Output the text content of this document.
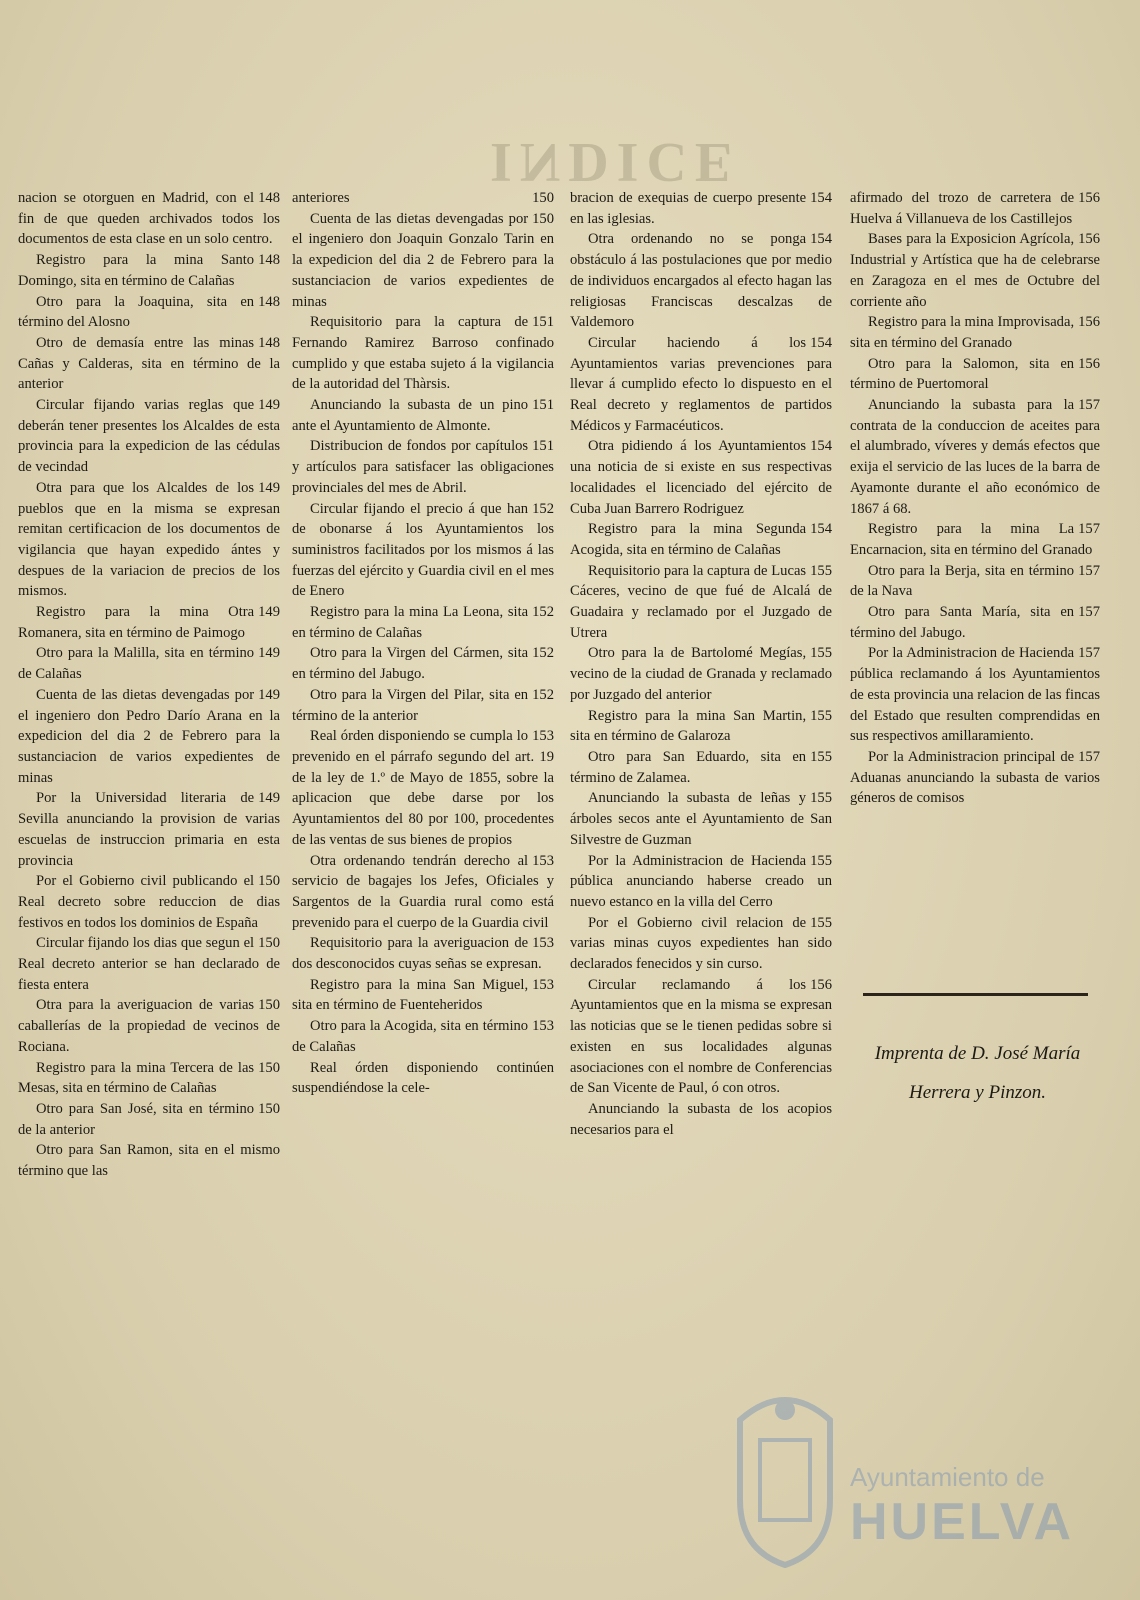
INDICE

148
nacion se otorguen en Madrid, con el fin de que queden archivados todos los documentos de esta clase en un solo centro.

148
Registro para la mina Santo Domingo, sita en término de Calañas

148
Otro para la Joaquina, sita en término del Alosno

148
Otro de demasía entre las minas Cañas y Calderas, sita en término de la anterior

149
Circular fijando varias reglas que deberán tener presentes los Alcaldes de esta provincia para la expedicion de las cédulas de vecindad

149
Otra para que los Alcaldes de los pueblos que en la misma se expresan remitan certificacion de los documentos de vigilancia que hayan expedido ántes y despues de la variacion de precios de los mismos.

149
Registro para la mina Otra Romanera, sita en término de Paimogo

149
Otro para la Malilla, sita en término de Calañas

149
Cuenta de las dietas devengadas por el ingeniero don Pedro Darío Arana en la expedicion del dia 2 de Febrero para la sustanciacion de varios expedientes de minas

149
Por la Universidad literaria de Sevilla anunciando la provision de varias escuelas de instruccion primaria en esta provincia

150
Por el Gobierno civil publicando el Real decreto sobre reduccion de dias festivos en todos los dominios de España

150
Circular fijando los dias que segun el Real decreto anterior se han declarado de fiesta entera

150
Otra para la averiguacion de varias caballerías de la propiedad de vecinos de Rociana.

150
Registro para la mina Tercera de las Mesas, sita en término de Calañas

150
Otro para San José, sita en término de la anterior

Otro para San Ramon, sita en el mismo término que las

150
anteriores

150
Cuenta de las dietas devengadas por el ingeniero don Joaquin Gonzalo Tarin en la expedicion del dia 2 de Febrero para la sustanciacion de varios expedientes de minas

151
Requisitorio para la captura de Fernando Ramirez Barroso confinado cumplido y que estaba sujeto á la vigilancia de la autoridad del Thàrsis.

151
Anunciando la subasta de un pino ante el Ayuntamiento de Almonte.

151
Distribucion de fondos por capítulos y artículos para satisfacer las obligaciones provinciales del mes de Abril.

152
Circular fijando el precio á que han de obonarse á los Ayuntamientos los suministros facilitados por los mismos á las fuerzas del ejército y Guardia civil en el mes de Enero

152
Registro para la mina La Leona, sita en término de Calañas

152
Otro para la Virgen del Cármen, sita en término del Jabugo.

152
Otro para la Virgen del Pilar, sita en término de la anterior

153
Real órden disponiendo se cumpla lo prevenido en el párrafo segundo del art. 19 de la ley de 1.º de Mayo de 1855, sobre la aplicacion que debe darse por los Ayuntamientos del 80 por 100, procedentes de las ventas de sus bienes de propios

153
Otra ordenando tendrán derecho al servicio de bagajes los Jefes, Oficiales y Sargentos de la Guardia rural como está prevenido para el cuerpo de la Guardia civil

153
Requisitorio para la averiguacion de dos desconocidos cuyas señas se expresan.

153
Registro para la mina San Miguel, sita en término de Fuenteheridos

153
Otro para la Acogida, sita en término de Calañas

Real órden disponiendo continúen suspendiéndose la cele-

154
bracion de exequias de cuerpo presente en las iglesias.

154
Otra ordenando no se ponga obstáculo á las postulaciones que por medio de individuos encargados al efecto hagan las religiosas Franciscas descalzas de Valdemoro

154
Circular haciendo á los Ayuntamientos varias prevenciones para llevar á cumplido efecto lo dispuesto en el Real decreto y reglamentos de partidos Médicos y Farmacéuticos.

154
Otra pidiendo á los Ayuntamientos una noticia de si existe en sus respectivas localidades el licenciado del ejército de Cuba Juan Barrero Rodriguez

154
Registro para la mina Segunda Acogida, sita en término de Calañas

155
Requisitorio para la captura de Lucas Cáceres, vecino de que fué de Alcalá de Guadaira y reclamado por el Juzgado de Utrera

155
Otro para la de Bartolomé Megías, vecino de la ciudad de Granada y reclamado por Juzgado del anterior

155
Registro para la mina San Martin, sita en término de Galaroza

155
Otro para San Eduardo, sita en término de Zalamea.

155
Anunciando la subasta de leñas y árboles secos ante el Ayuntamiento de San Silvestre de Guzman

155
Por la Administracion de Hacienda pública anunciando haberse creado un nuevo estanco en la villa del Cerro

155
Por el Gobierno civil relacion de varias minas cuyos expedientes han sido declarados fenecidos y sin curso.

156
Circular reclamando á los Ayuntamientos que en la misma se expresan las noticias que se le tienen pedidas sobre si existen en sus localidades algunas asociaciones con el nombre de Conferencias de San Vicente de Paul, ó con otros.

Anunciando la subasta de los acopios necesarios para el

156
afirmado del trozo de carretera de Huelva á Villanueva de los Castillejos

156
Bases para la Exposicion Agrícola, Industrial y Artística que ha de celebrarse en Zaragoza en el mes de Octubre del corriente año

156
Registro para la mina Improvisada, sita en término del Granado

156
Otro para la Salomon, sita en término de Puertomoral

157
Anunciando la subasta para la contrata de la conduccion de aceites para el alumbrado, víveres y demás efectos que exija el servicio de las luces de la barra de Ayamonte durante el año económico de 1867 á 68.

157
Registro para la mina La Encarnacion, sita en término del Granado

157
Otro para la Berja, sita en término de la Nava

157
Otro para Santa María, sita en término del Jabugo.

157
Por la Administracion de Hacienda pública reclamando á los Ayuntamientos de esta provincia una relacion de las fincas del Estado que resulten comprendidas en sus respectivos amillaramiento.

157
Por la Administracion principal de Aduanas anunciando la subasta de varios géneros de comisos

Imprenta de D. José María
Herrera y Pinzon.
Ayuntamiento de
HUELVA
